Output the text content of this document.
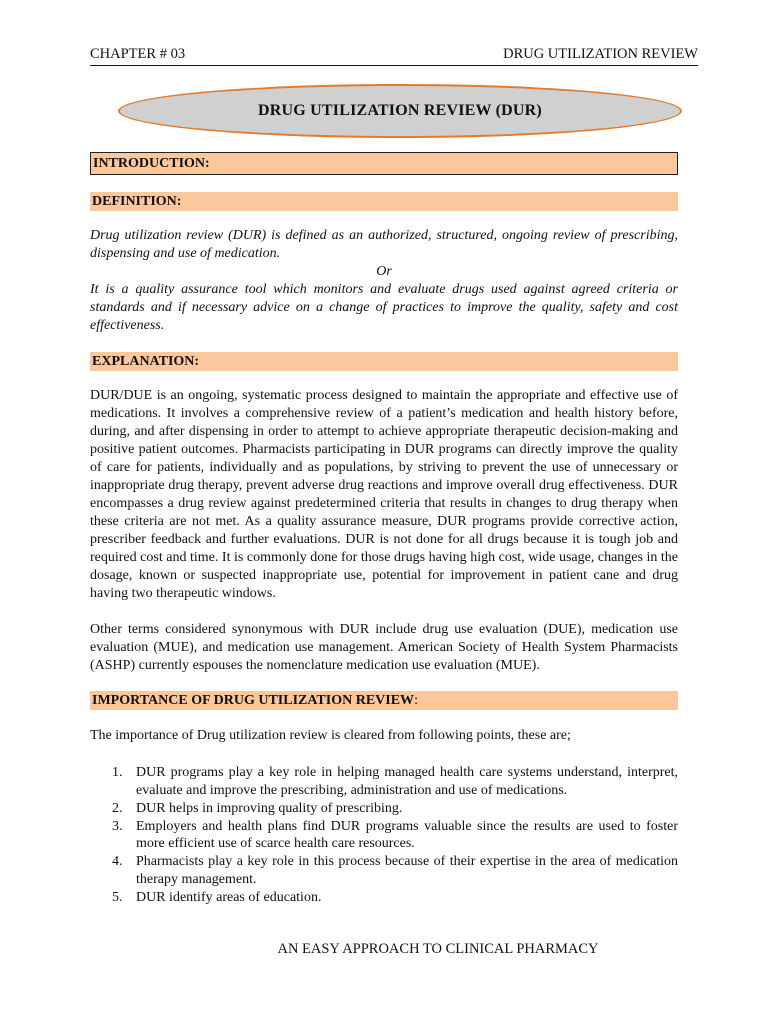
CHAPTER # 03	DRUG UTILIZATION REVIEW
DRUG UTILIZATION REVIEW (DUR)
INTRODUCTION:
DEFINITION:
Drug utilization review (DUR) is defined as an authorized, structured, ongoing review of prescribing, dispensing and use of medication.
Or
It is a quality assurance tool which monitors and evaluate drugs used against agreed criteria or standards and if necessary advice on a change of practices to improve the quality, safety and cost effectiveness.
EXPLANATION:
DUR/DUE is an ongoing, systematic process designed to maintain the appropriate and effective use of medications. It involves a comprehensive review of a patient’s medication and health history before, during, and after dispensing in order to attempt to achieve appropriate therapeutic decision-making and positive patient outcomes. Pharmacists participating in DUR programs can directly improve the quality of care for patients, individually and as populations, by striving to prevent the use of unnecessary or inappropriate drug therapy, prevent adverse drug reactions and improve overall drug effectiveness. DUR encompasses a drug review against predetermined criteria that results in changes to drug therapy when these criteria are not met. As a quality assurance measure, DUR programs provide corrective action, prescriber feedback and further evaluations. DUR is not done for all drugs because it is tough job and required cost and time. It is commonly done for those drugs having high cost, wide usage, changes in the dosage, known or suspected inappropriate use, potential for improvement in patient cane and drug having two therapeutic windows.
Other terms considered synonymous with DUR include drug use evaluation (DUE), medication use evaluation (MUE), and medication use management. American Society of Health System Pharmacists (ASHP) currently espouses the nomenclature medication use evaluation (MUE).
IMPORTANCE OF DRUG UTILIZATION REVIEW:
The importance of Drug utilization review is cleared from following points, these are;
1. DUR programs play a key role in helping managed health care systems understand, interpret, evaluate and improve the prescribing, administration and use of medications.
2. DUR helps in improving quality of prescribing.
3. Employers and health plans find DUR programs valuable since the results are used to foster more efficient use of scarce health care resources.
4. Pharmacists play a key role in this process because of their expertise in the area of medication therapy management.
5. DUR identify areas of education.
AN EASY APPROACH TO CLINICAL PHARMACY
